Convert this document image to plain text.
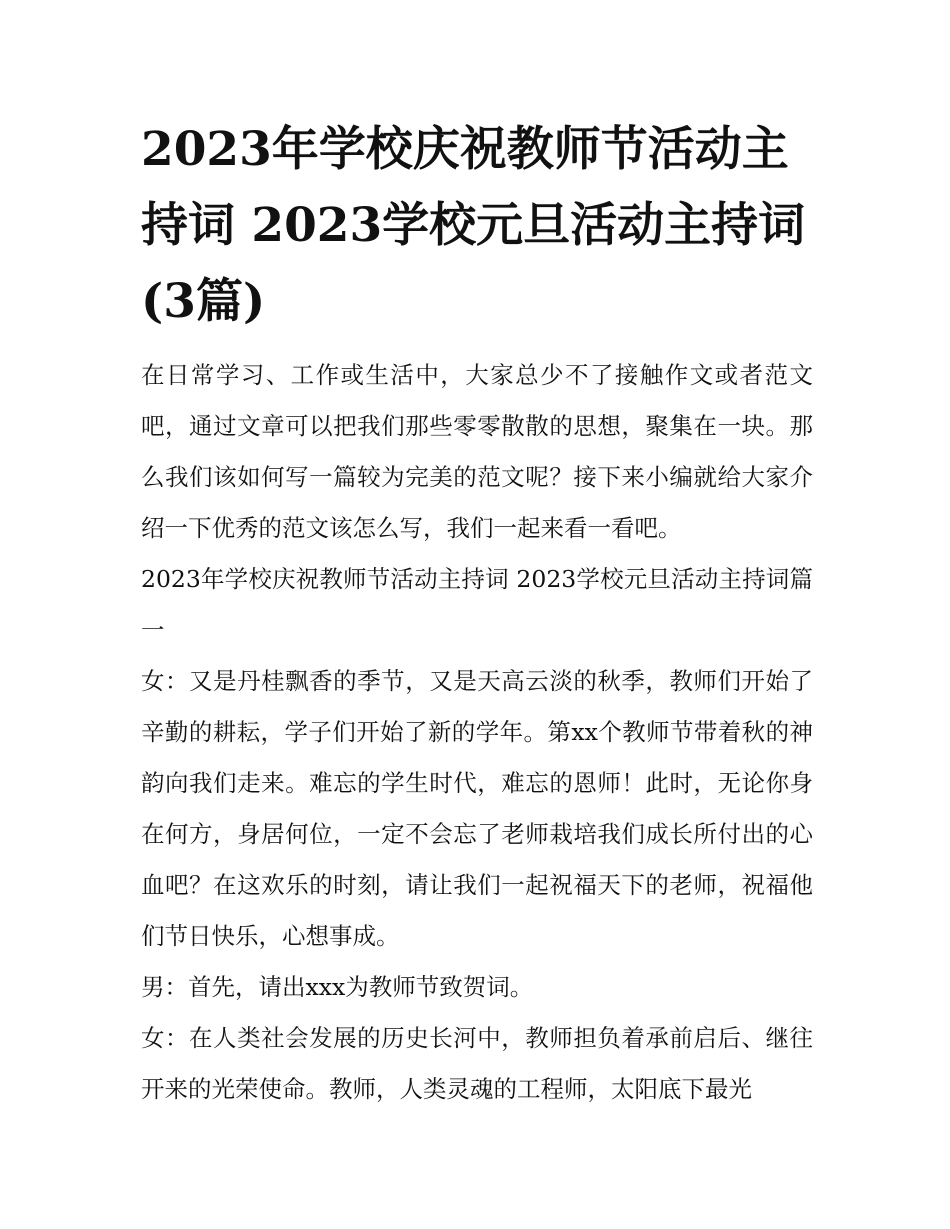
2023年学校庆祝教师节活动主持词 2023学校元旦活动主持词(3篇)

在日常学习、工作或生活中，大家总少不了接触作文或者范文吧，通过文章可以把我们那些零零散散的思想，聚集在一块。那么我们该如何写一篇较为完美的范文呢？接下来小编就给大家介绍一下优秀的范文该怎么写，我们一起来看一看吧。

2023年学校庆祝教师节活动主持词 2023学校元旦活动主持词篇一

女：又是丹桂飘香的季节，又是天高云淡的秋季，教师们开始了辛勤的耕耘，学子们开始了新的学年。第xx个教师节带着秋的神韵向我们走来。难忘的学生时代，难忘的恩师！此时，无论你身在何方，身居何位，一定不会忘了老师栽培我们成长所付出的心血吧？在这欢乐的时刻，请让我们一起祝福天下的老师，祝福他们节日快乐，心想事成。

男：首先，请出xxx为教师节致贺词。

女：在人类社会发展的历史长河中，教师担负着承前启后、继往开来的光荣使命。教师，人类灵魂的工程师，太阳底下最光
